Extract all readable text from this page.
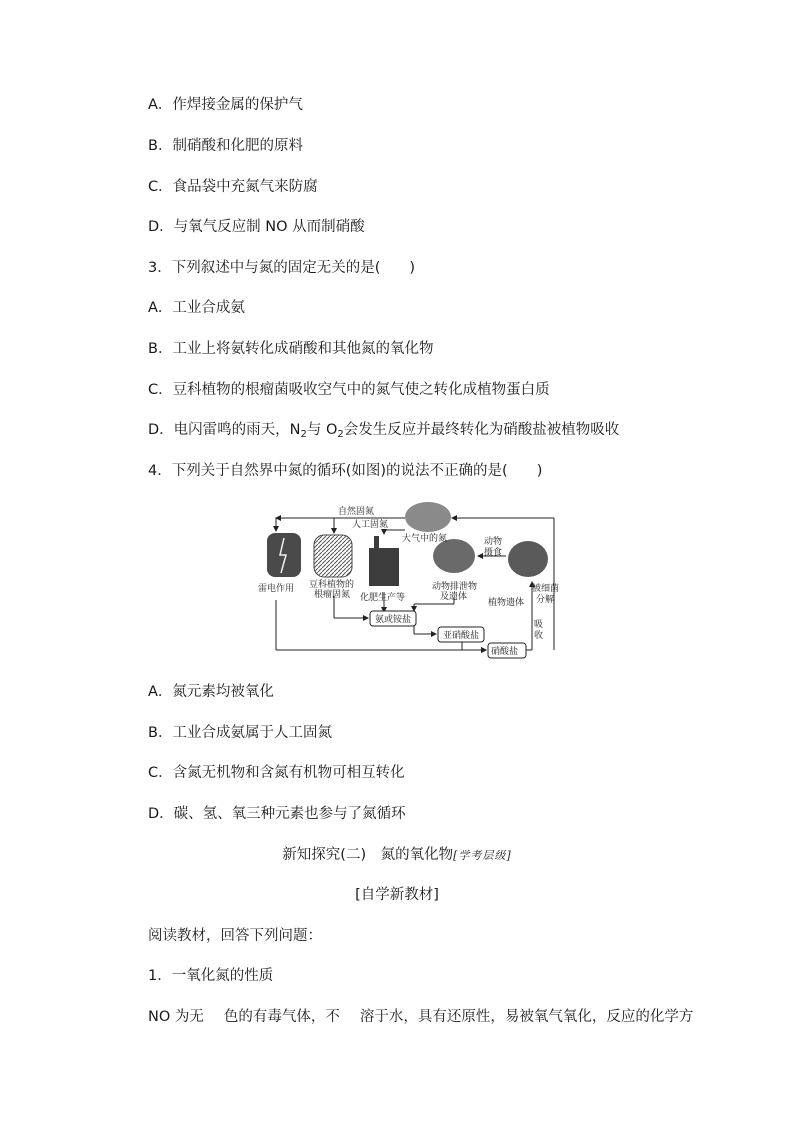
A．作焊接金属的保护气
B．制硝酸和化肥的原料
C．食品袋中充氮气来防腐
D．与氧气反应制 NO 从而制硝酸
3．下列叙述中与氮的固定无关的是(　　)
A．工业合成氨
B．工业上将氨转化成硝酸和其他氮的氧化物
C．豆科植物的根瘤菌吸收空气中的氮气使之转化成植物蛋白质
D．电闪雷鸣的雨天，$N_2$与 $O_2$会发生反应并最终转化为硝酸盐被植物吸收
4．下列关于自然界中氮的循环(如图)的说法不正确的是(　　)
自然固氮
人工固氮
大气中的氮	动物
摄食
雷电作用 豆科植物的
根瘤固氮 化肥生产等
动物排泄物
及遗体
植物遗体
被细菌
分解
吸
收
氨或铵盐
亚硝酸盐
硝酸盐
A．氮元素均被氧化
B．工业合成氨属于人工固氮
C．含氮无机物和含氮有机物可相互转化
D．碳、氢、氧三种元素也参与了氮循环
新知探究(二)　氮的氧化物[学考层级]
[自学新教材]
阅读教材，回答下列问题：
1．一氧化氮的性质
NO 为无 色的有毒气体，不 溶于水，具有还原性，易被氧气氧化，反应的化学方
